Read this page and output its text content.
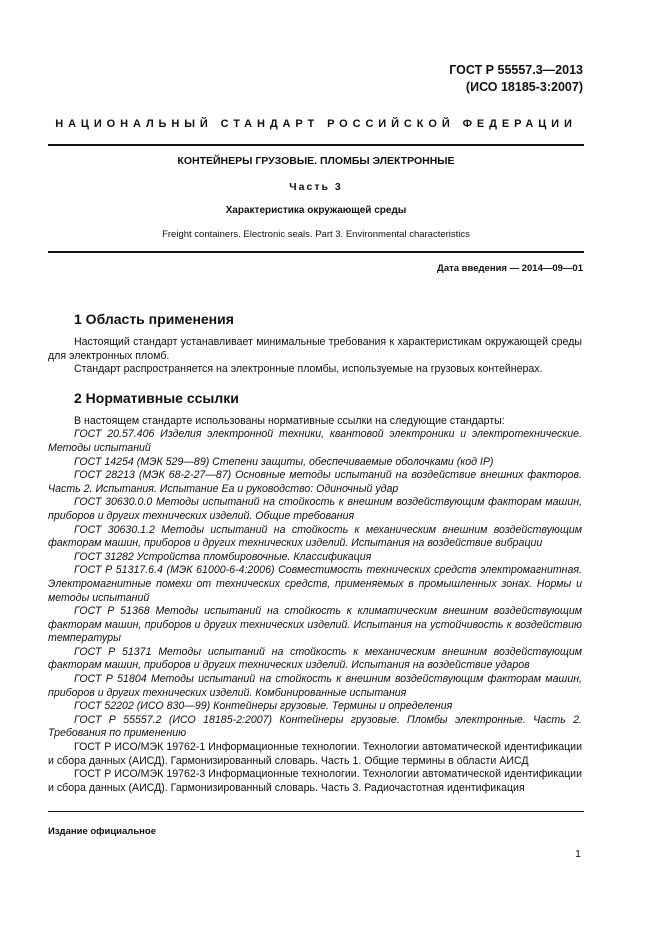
ГОСТ Р 55557.3—2013
(ИСО 18185-3:2007)
НАЦИОНАЛЬНЫЙ СТАНДАРТ РОССИЙСКОЙ ФЕДЕРАЦИИ
КОНТЕЙНЕРЫ ГРУЗОВЫЕ. ПЛОМБЫ ЭЛЕКТРОННЫЕ
Часть 3
Характеристика окружающей среды
Freight containers. Electronic seals. Part 3. Environmental characteristics
Дата введения — 2014—09—01
1 Область применения

Настоящий стандарт устанавливает минимальные требования к характеристикам окружающей среды для электронных пломб.

Стандарт распространяется на электронные пломбы, используемые на грузовых контейнерах.

2 Нормативные ссылки

В настоящем стандарте использованы нормативные ссылки на следующие стандарты:

ГОСТ 20.57.406 Изделия электронной техники, квантовой электроники и электротехнические. Методы испытаний
ГОСТ 14254 (МЭК 529—89) Степени защиты, обеспечиваемые оболочками (код IP)
ГОСТ 28213 (МЭК 68-2-27—87) Основные методы испытаний на воздействие внешних факторов. Часть 2. Испытания. Испытание Ea и руководство: Одиночный удар
ГОСТ 30630.0.0 Методы испытаний на стойкость к внешним воздействующим факторам машин, приборов и других технических изделий. Общие требования
ГОСТ 30630.1.2 Методы испытаний на стойкость к механическим внешним воздействующим факторам машин, приборов и других технических изделий. Испытания на воздействие вибрации
ГОСТ 31282 Устройства пломбировочные. Классификация
ГОСТ Р 51317.6.4 (МЭК 61000-6-4:2006) Совместимость технических средств электромагнитная. Электромагнитные помехи от технических средств, применяемых в промышленных зонах. Нормы и методы испытаний
ГОСТ Р 51368 Методы испытаний на стойкость к климатическим внешним воздействующим факторам машин, приборов и других технических изделий. Испытания на устойчивость к воздействию температуры
ГОСТ Р 51371 Методы испытаний на стойкость к механическим внешним воздействующим факторам машин, приборов и других технических изделий. Испытания на воздействие ударов
ГОСТ Р 51804 Методы испытаний на стойкость к внешним воздействующим факторам машин, приборов и других технических изделий. Комбинированные испытания
ГОСТ 52202 (ИСО 830—99) Контейнеры грузовые. Термины и определения
ГОСТ Р 55557.2 (ИСО 18185-2:2007) Контейнеры грузовые. Пломбы электронные. Часть 2. Требования по применению
ГОСТ Р ИСО/МЭК 19762-1 Информационные технологии. Технологии автоматической идентификации и сбора данных (АИСД). Гармонизированный словарь. Часть 1. Общие термины в области АИСД
ГОСТ Р ИСО/МЭК 19762-3 Информационные технологии. Технологии автоматической идентификации и сбора данных (АИСД). Гармонизированный словарь. Часть 3. Радиочастотная идентификация
Издание официальное
1
